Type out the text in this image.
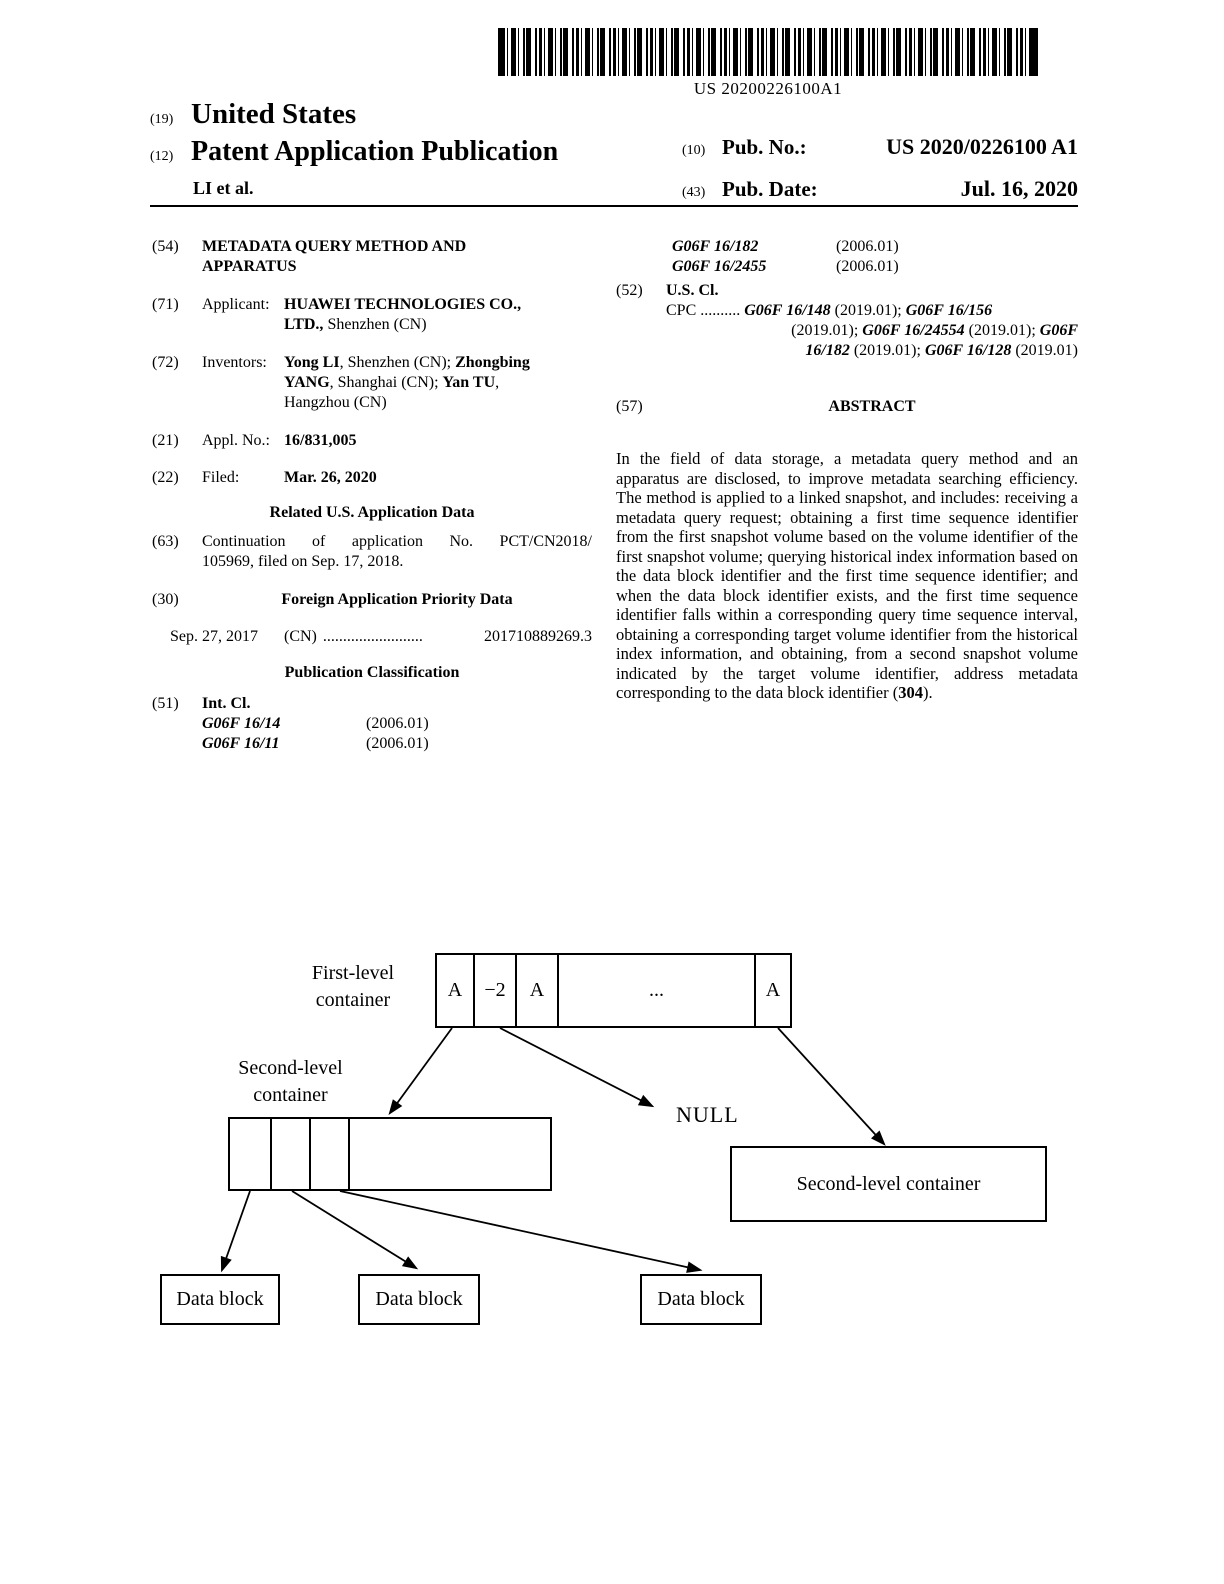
US 20200226100A1
(19) United States
(12) Patent Application Publication
LI et al.
(10) Pub. No.:	US 2020/0226100 A1
(43) Pub. Date:	Jul. 16, 2020
(54)	METADATA QUERY METHOD AND
APPARATUS
(71)	Applicant: HUAWEI TECHNOLOGIES CO.,
LTD., Shenzhen (CN)
(72)	Inventors:	Yong LI, Shenzhen (CN); Zhongbing
YANG, Shanghai (CN); Yan TU,
Hangzhou (CN)
(21)	Appl. No.: 16/831,005
(22)	Filed:	Mar. 26, 2020
Related U.S. Application Data
(63)	Continuation of application No. PCT/CN2018/
105969, filed on Sep. 17, 2018.
(30)	Foreign Application Priority Data
Sep. 27, 2017 (CN) .........................	201710889269.3
Publication Classification
(51)	Int. Cl.
G06F 16/14	(2006.01)
G06F 16/11	(2006.01)
G06F 16/182	(2006.01)
G06F 16/2455	(2006.01)
(52)	U.S. Cl.
CPC .......... G06F 16/148 (2019.01); G06F 16/156
(2019.01); G06F 16/24554 (2019.01); G06F
16/182 (2019.01); G06F 16/128 (2019.01)
(57)	ABSTRACT

In the field of data storage, a metadata query method and an apparatus are disclosed, to improve metadata searching efficiency. The method is applied to a linked snapshot, and includes: receiving a metadata query request; obtaining a first time sequence identifier from the first snapshot volume based on the volume identifier of the first snapshot volume; querying historical index information based on the data block identifier and the first time sequence identifier; and when the data block identifier exists, and the first time sequence identifier falls within a corresponding query time sequence interval, obtaining a corresponding target volume identifier from the historical index information, and obtaining, from a second snapshot volume indicated by the target volume identifier, address metadata corresponding to the data block identifier (304).

First-level
container	A	−2	A	...	A
Second-level
container
NULL
Second-level container
Data block	Data block	Data block
